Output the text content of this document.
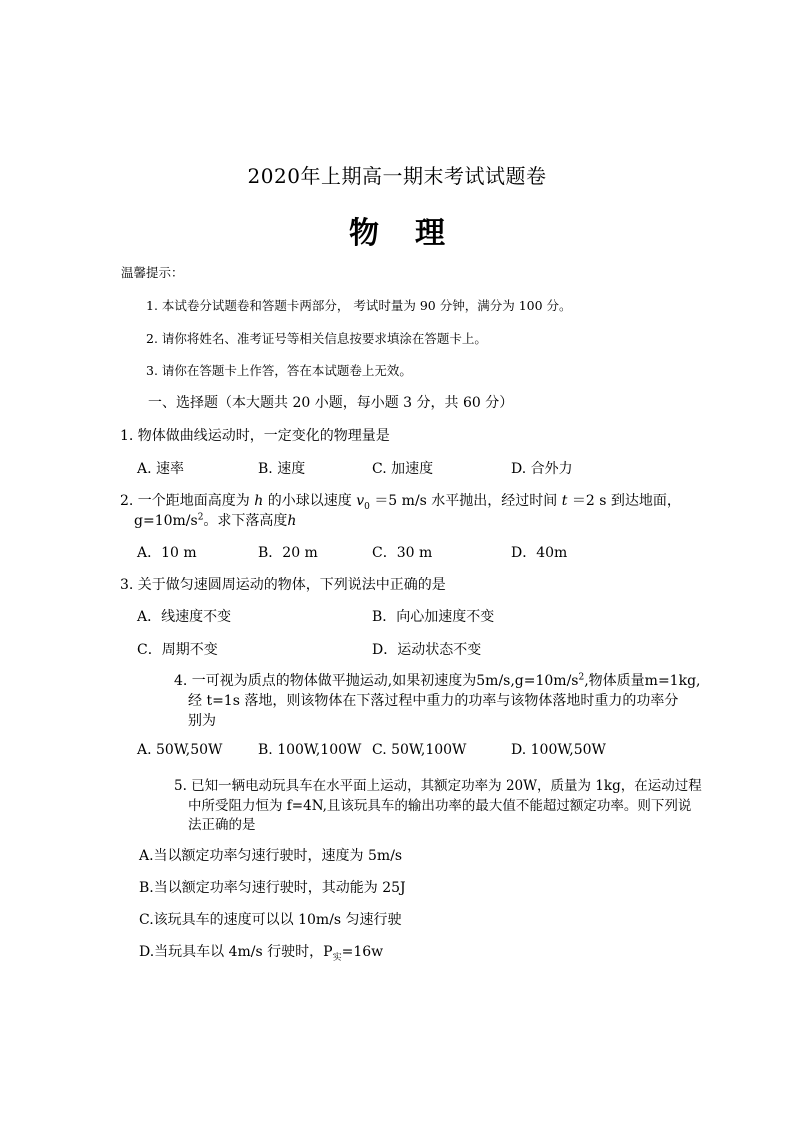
2020年上期高一期末考试试题卷
物理
温馨提示：
1. 本试卷分试题卷和答题卡两部分， 考试时量为 90 分钟，满分为 100 分。
2. 请你将姓名、准考证号等相关信息按要求填涂在答题卡上。
3. 请你在答题卡上作答，答在本试题卷上无效。
一、选择题（本大题共 20 小题，每小题 3 分，共 60 分）
1. 物体做曲线运动时，一定变化的物理量是
A. 速率	B. 速度	C. 加速度	D. 合外力
2. 一个距地面高度为 h 的小球以速度 $v_0 =5$ m/s 水平抛出，经过时间 t ＝2 s 到达地面，
$g=10m/s^2$。求下落高度h
A．10 m	B．20 m	C．30 m	D．40m
3. 关于做匀速圆周运动的物体，下列说法中正确的是
A．线速度不变	B．向心加速度不变
C．周期不变	D．运动状态不变
4. 一可视为质点的物体做平抛运动,如果初速度为$5m/s,g=10m/s^2$,物体质量m=1kg,
经 t=1s 落地，则该物体在下落过程中重力的功率与该物体落地时重力的功率分
别为
A. 50W,50W	B. 100W,100W C. 50W,100W	D. 100W,50W
5. 已知一辆电动玩具车在水平面上运动，其额定功率为 20W，质量为 1kg，在运动过程
中所受阻力恒为 f=4N,且该玩具车的输出功率的最大值不能超过额定功率。则下列说
法正确的是
A.当以额定功率匀速行驶时，速度为 5m/s
B.当以额定功率匀速行驶时，其动能为 25J
C.该玩具车的速度可以以 10m/s 匀速行驶
D.当玩具车以 4m/s 行驶时，$P_实=16w$
